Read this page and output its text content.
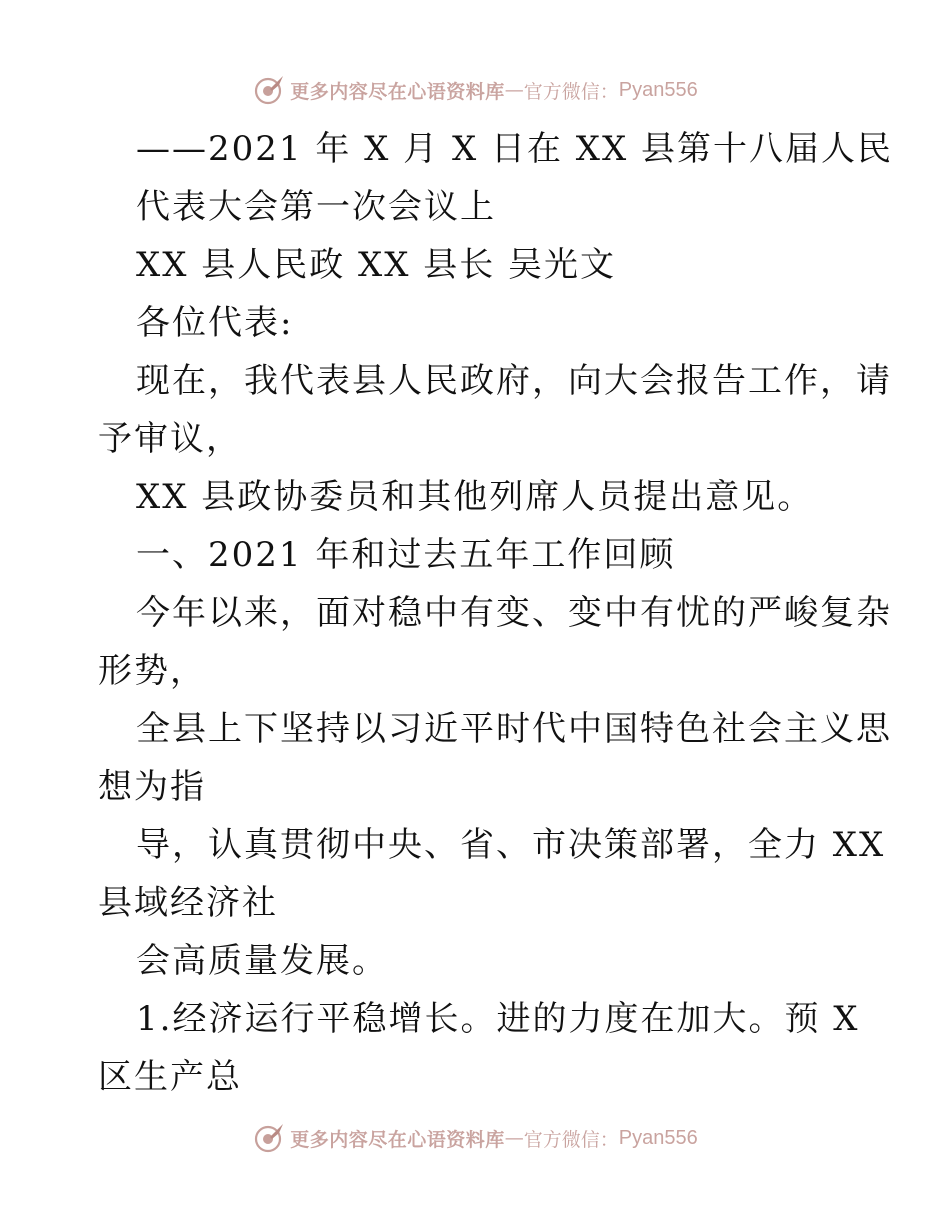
更多内容尽在心语资料库 — 官方微信： Pyan556
——2021 年 X 月 X 日在 XX 县第十八届人民
代表大会第一次会议上
XX 县人民政 XX 县长 吴光文
各位代表:
现在，我代表县人民政府，向大会报告工作，请
予审议，
XX 县政协委员和其他列席人员提出意见。
一、2021 年和过去五年工作回顾
今年以来，面对稳中有变、变中有忧的严峻复杂
形势，
全县上下坚持以习近平时代中国特色社会主义思
想为指
导，认真贯彻中央、省、市决策部署，全力 XX
县域经济社
会高质量发展。
1.经济运行平稳增长。进的力度在加大。预 X
区生产总
更多内容尽在心语资料库 — 官方微信： Pyan556
